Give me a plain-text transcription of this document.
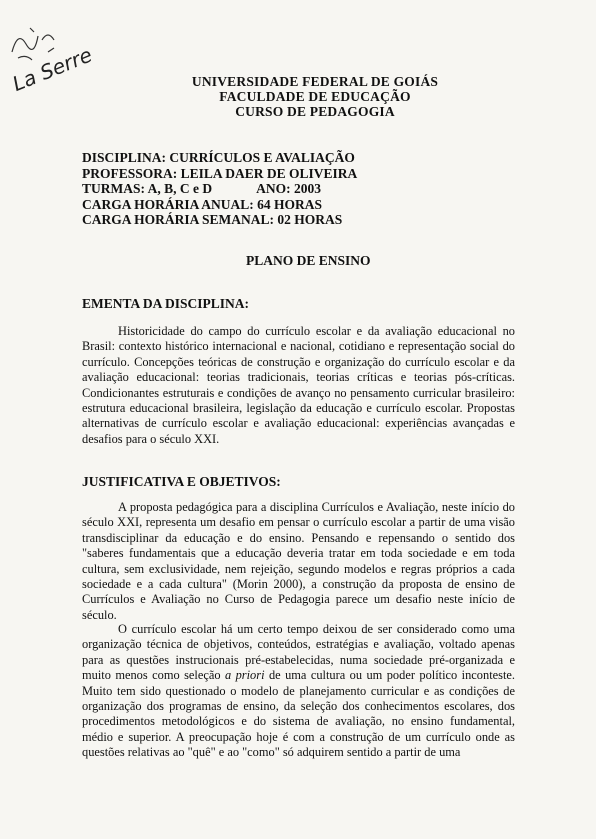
La Serre	UNIVERSIDADE FEDERAL DE GOIÁS
FACULDADE DE EDUCAÇÃO
CURSO DE PEDAGOGIA
DISCIPLINA: CURRÍCULOS E AVALIAÇÃO
PROFESSORA: LEILA DAER DE OLIVEIRA
TURMAS: A, B, C e D	ANO: 2003
CARGA HORÁRIA ANUAL: 64 HORAS
CARGA HORÁRIA SEMANAL: 02 HORAS
PLANO DE ENSINO
EMENTA DA DISCIPLINA:
Historicidade do campo do currículo escolar e da avaliação educacional no Brasil: contexto histórico internacional e nacional, cotidiano e representação social do currículo. Concepções teóricas de construção e organização do currículo escolar e da avaliação educacional: teorias tradicionais, teorias críticas e teorias pós-críticas. Condicionantes estruturais e condições de avanço no pensamento curricular brasileiro: estrutura educacional brasileira, legislação da educação e currículo escolar. Propostas alternativas de currículo escolar e avaliação educacional: experiências avançadas e desafios para o século XXI.
JUSTIFICATIVA E OBJETIVOS:
A proposta pedagógica para a disciplina Currículos e Avaliação, neste início do século XXI, representa um desafio em pensar o currículo escolar a partir de uma visão transdisciplinar da educação e do ensino. Pensando e repensando o sentido dos "saberes fundamentais que a educação deveria tratar em toda sociedade e em toda cultura, sem exclusividade, nem rejeição, segundo modelos e regras próprios a cada sociedade e a cada cultura" (Morin 2000), a construção da proposta de ensino de Currículos e Avaliação no Curso de Pedagogia parece um desafio neste início de século.
O currículo escolar há um certo tempo deixou de ser considerado como uma organização técnica de objetivos, conteúdos, estratégias e avaliação, voltado apenas para as questões instrucionais pré-estabelecidas, numa sociedade pré-organizada e muito menos como seleção a priori de uma cultura ou um poder político inconteste. Muito tem sido questionado o modelo de planejamento curricular e as condições de organização dos programas de ensino, da seleção dos conhecimentos escolares, dos procedimentos metodológicos e do sistema de avaliação, no ensino fundamental, médio e superior. A preocupação hoje é com a construção de um currículo onde as questões relativas ao "quê" e ao "como" só adquirem sentido a partir de uma
